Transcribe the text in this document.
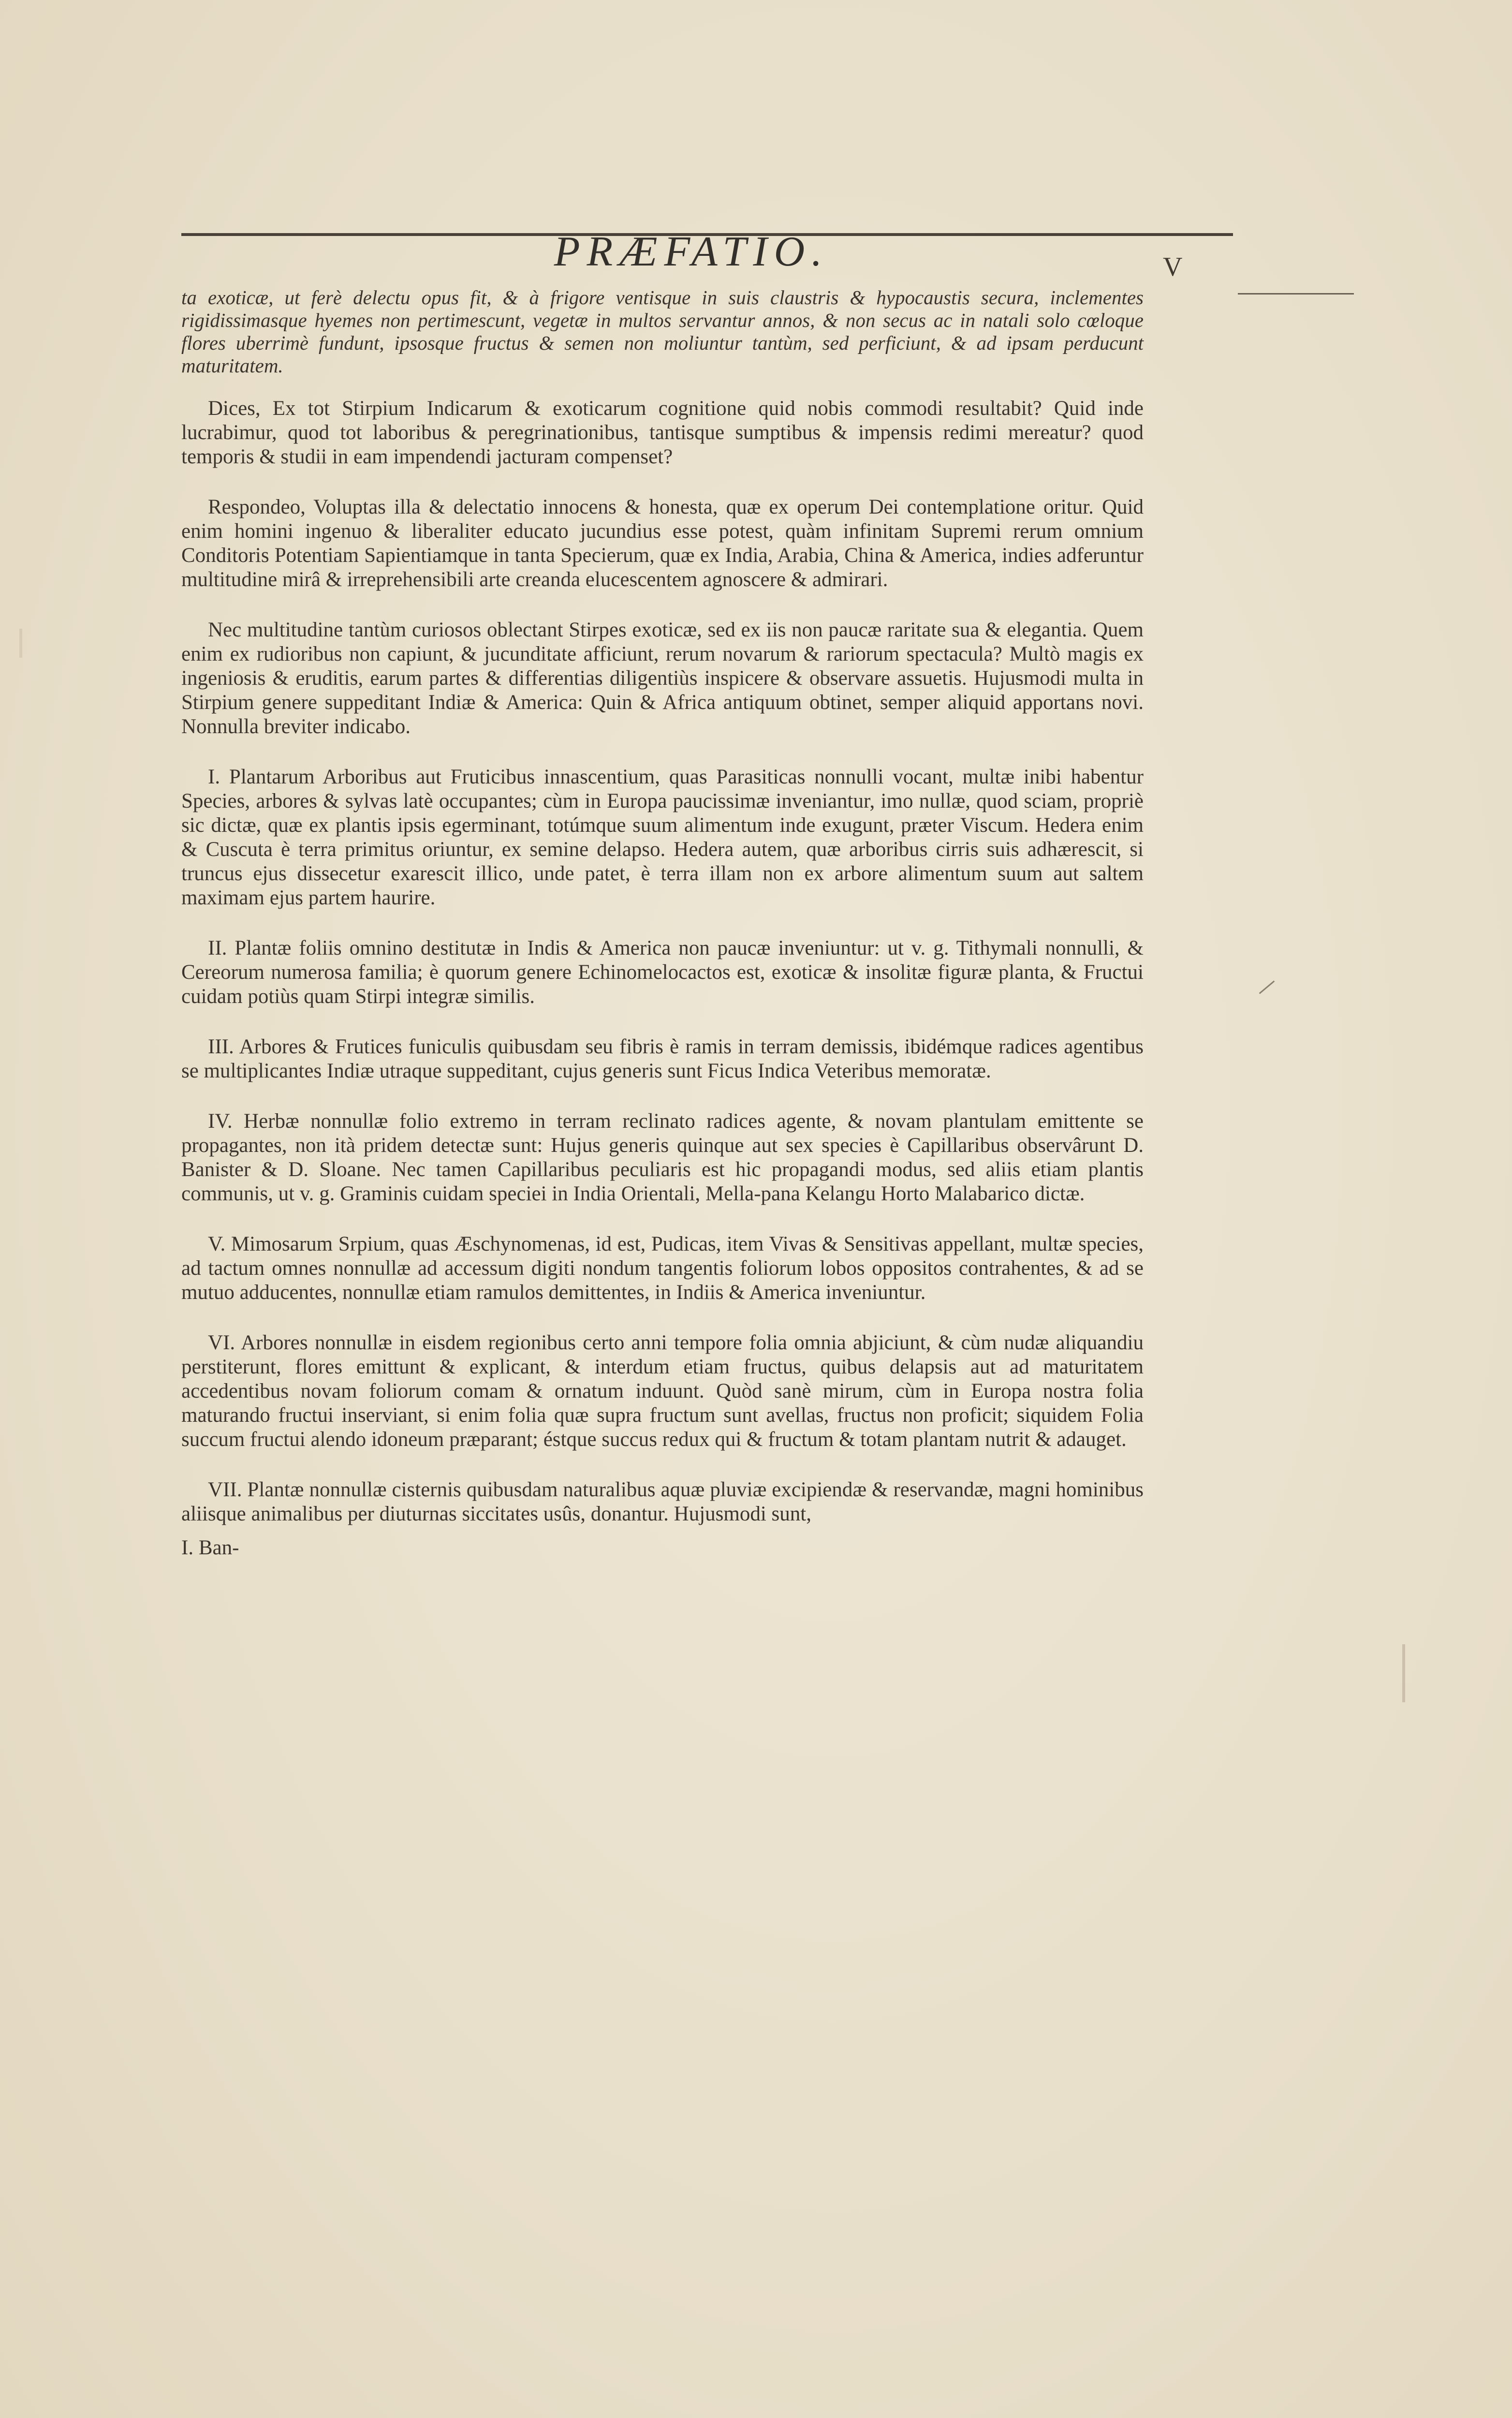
PRÆFATIO.	V

ta exoticæ, ut ferè delectu opus fit, & à frigore ventisque in suis claustris & hypocaustis secura, inclementes rigidissimasque hyemes non pertimescunt, vegetæ in multos servantur annos, & non secus ac in natali solo cœloque flores uberrimè fundunt, ipsosque fructus & semen non moliuntur tantùm, sed perficiunt, & ad ipsam perducunt maturitatem.

Dices, Ex tot Stirpium Indicarum & exoticarum cognitione quid nobis commodi resultabit? Quid inde lucrabimur, quod tot laboribus & peregrinationibus, tantisque sumptibus & impensis redimi mereatur? quod temporis & studii in eam impendendi jacturam compenset?

Respondeo, Voluptas illa & delectatio innocens & honesta, quæ ex operum Dei contemplatione oritur. Quid enim homini ingenuo & liberaliter educato jucundius esse potest, quàm infinitam Supremi rerum omnium Conditoris Potentiam Sapientiamque in tanta Specierum, quæ ex India, Arabia, China & America, indies adferuntur multitudine mirâ & irreprehensibili arte creanda elucescentem agnoscere & admirari.

Nec multitudine tantùm curiosos oblectant Stirpes exoticæ, sed ex iis non paucæ raritate sua & elegantia. Quem enim ex rudioribus non capiunt, & jucunditate afficiunt, rerum novarum & rariorum spectacula? Multò magis ex ingeniosis & eruditis, earum partes & differentias diligentiùs inspicere & observare assuetis. Hujusmodi multa in Stirpium genere suppeditant Indiæ & America: Quin & Africa antiquum obtinet, semper aliquid apportans novi. Nonnulla breviter indicabo.

I. Plantarum Arboribus aut Fruticibus innascentium, quas Parasiticas nonnulli vocant, multæ inibi habentur Species, arbores & sylvas latè occupantes; cùm in Europa paucissimæ inveniantur, imo nullæ, quod sciam, propriè sic dictæ, quæ ex plantis ipsis egerminant, totúmque suum alimentum inde exugunt, præter Viscum. Hedera enim & Cuscuta è terra primitus oriuntur, ex semine delapso. Hedera autem, quæ arboribus cirris suis adhærescit, si truncus ejus dissecetur exarescit illico, unde patet, è terra illam non ex arbore alimentum suum aut saltem maximam ejus partem haurire.

II. Plantæ foliis omnino destitutæ in Indis & America non paucæ inveniuntur: ut v. g. Tithymali nonnulli, & Cereorum numerosa familia; è quorum genere Echinomelocactos est, exoticæ & insolitæ figuræ planta, & Fructui cuidam potiùs quam Stirpi integræ similis.

III. Arbores & Frutices funiculis quibusdam seu fibris è ramis in terram demissis, ibidémque radices agentibus se multiplicantes Indiæ utraque suppeditant, cujus generis sunt Ficus Indica Veteribus memoratæ.

IV. Herbæ nonnullæ folio extremo in terram reclinato radices agente, & novam plantulam emittente se propagantes, non ità pridem detectæ sunt: Hujus generis quinque aut sex species è Capillaribus observârunt D. Banister & D. Sloane. Nec tamen Capillaribus peculiaris est hic propagandi modus, sed aliis etiam plantis communis, ut v. g. Graminis cuidam speciei in India Orientali, Mella-pana Kelangu Horto Malabarico dictæ.

V. Mimosarum Srpium, quas Æschynomenas, id est, Pudicas, item Vivas & Sensitivas appellant, multæ species, ad tactum omnes nonnullæ ad accessum digiti nondum tangentis foliorum lobos oppositos contrahentes, & ad se mutuo adducentes, nonnullæ etiam ramulos demittentes, in Indiis & America inveniuntur.

VI. Arbores nonnullæ in eisdem regionibus certo anni tempore folia omnia abjiciunt, & cùm nudæ aliquandiu perstiterunt, flores emittunt & explicant, & interdum etiam fructus, quibus delapsis aut ad maturitatem accedentibus novam foliorum comam & ornatum induunt. Quòd sanè mirum, cùm in Europa nostra folia maturando fructui inserviant, si enim folia quæ supra fructum sunt avellas, fructus non proficit; siquidem Folia succum fructui alendo idoneum præparant; éstque succus redux qui & fructum & totam plantam nutrit & adauget.

VII. Plantæ nonnullæ cisternis quibusdam naturalibus aquæ pluviæ excipiendæ & reservandæ, magni hominibus aliisque animalibus per diuturnas siccitates usûs, donantur. Hujusmodi sunt,

I. Ban-
